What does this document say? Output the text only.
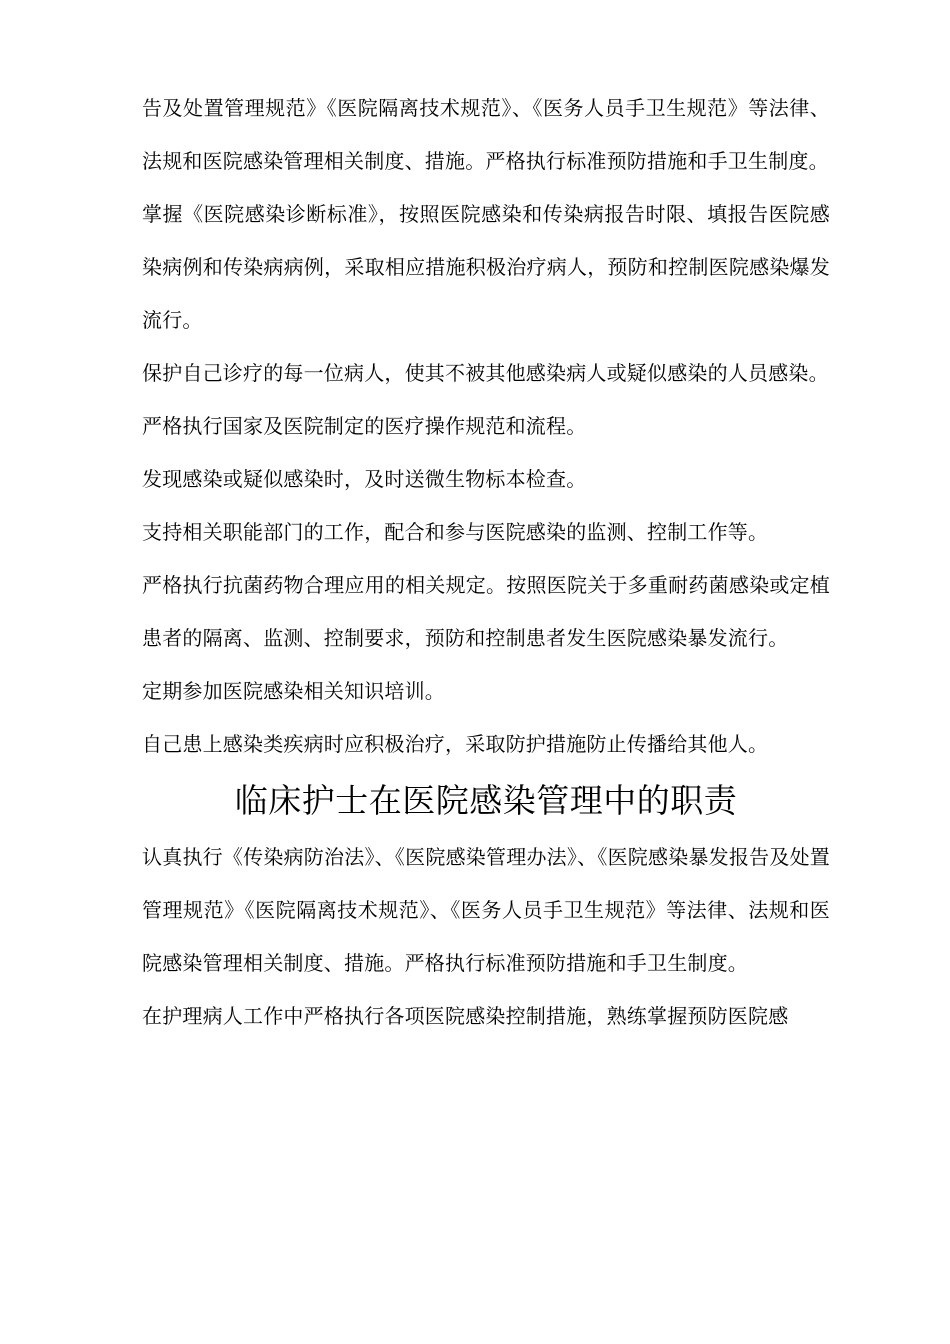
告及处置管理规范》《医院隔离技术规范》、《医务人员手卫生规范》等法律、法规和医院感染管理相关制度、措施。严格执行标准预防措施和手卫生制度。

掌握《医院感染诊断标准》，按照医院感染和传染病报告时限、填报告医院感染病例和传染病病例，采取相应措施积极治疗病人，预防和控制医院感染爆发流行。

保护自己诊疗的每一位病人，使其不被其他感染病人或疑似感染的人员感染。

严格执行国家及医院制定的医疗操作规范和流程。

发现感染或疑似感染时，及时送微生物标本检查。

支持相关职能部门的工作，配合和参与医院感染的监测、控制工作等。

严格执行抗菌药物合理应用的相关规定。按照医院关于多重耐药菌感染或定植患者的隔离、监测、控制要求，预防和控制患者发生医院感染暴发流行。

定期参加医院感染相关知识培训。

自己患上感染类疾病时应积极治疗，采取防护措施防止传播给其他人。

临床护士在医院感染管理中的职责

认真执行《传染病防治法》、《医院感染管理办法》、《医院感染暴发报告及处置管理规范》《医院隔离技术规范》、《医务人员手卫生规范》等法律、法规和医院感染管理相关制度、措施。严格执行标准预防措施和手卫生制度。

在护理病人工作中严格执行各项医院感染控制措施，熟练掌握预防医院感
